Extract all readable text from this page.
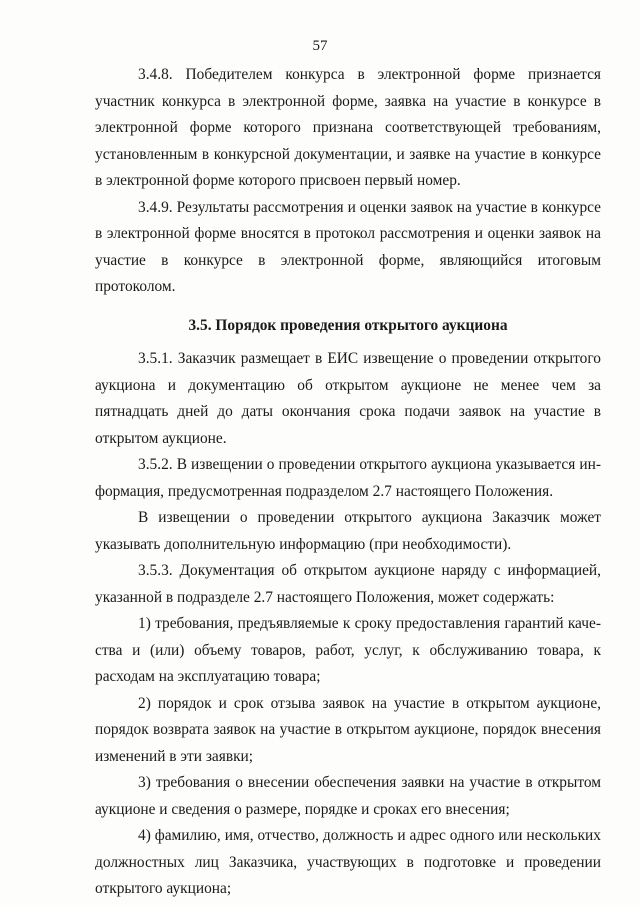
57

3.4.8. Победителем конкурса в электронной форме признается участник конкурса в электронной форме, заявка на участие в конкурсе в электронной форме которого признана соответствующей требованиям, установленным в конкурсной документации, и заявке на участие в конкурсе в электронной форме которого присвоен первый номер.

3.4.9. Результаты рассмотрения и оценки заявок на участие в конкурсе в электронной форме вносятся в протокол рассмотрения и оценки заявок на участие в конкурсе в электронной форме, являющийся итоговым протоколом.

3.5. Порядок проведения открытого аукциона

3.5.1. Заказчик размещает в ЕИС извещение о проведении открытого аукциона и документацию об открытом аукционе не менее чем за пятнадцать дней до даты окончания срока подачи заявок на участие в открытом аукционе.

3.5.2. В извещении о проведении открытого аукциона указывается информация, предусмотренная подразделом 2.7 настоящего Положения.

В извещении о проведении открытого аукциона Заказчик может указывать дополнительную информацию (при необходимости).

3.5.3. Документация об открытом аукционе наряду с информацией, указанной в подразделе 2.7 настоящего Положения, может содержать:

1) требования, предъявляемые к сроку предоставления гарантий качества и (или) объему товаров, работ, услуг, к обслуживанию товара, к расходам на эксплуатацию товара;

2) порядок и срок отзыва заявок на участие в открытом аукционе, порядок возврата заявок на участие в открытом аукционе, порядок внесения изменений в эти заявки;

3) требования о внесении обеспечения заявки на участие в открытом аукционе и сведения о размере, порядке и сроках его внесения;

4) фамилию, имя, отчество, должность и адрес одного или нескольких должностных лиц Заказчика, участвующих в подготовке и проведении открытого аукциона;
